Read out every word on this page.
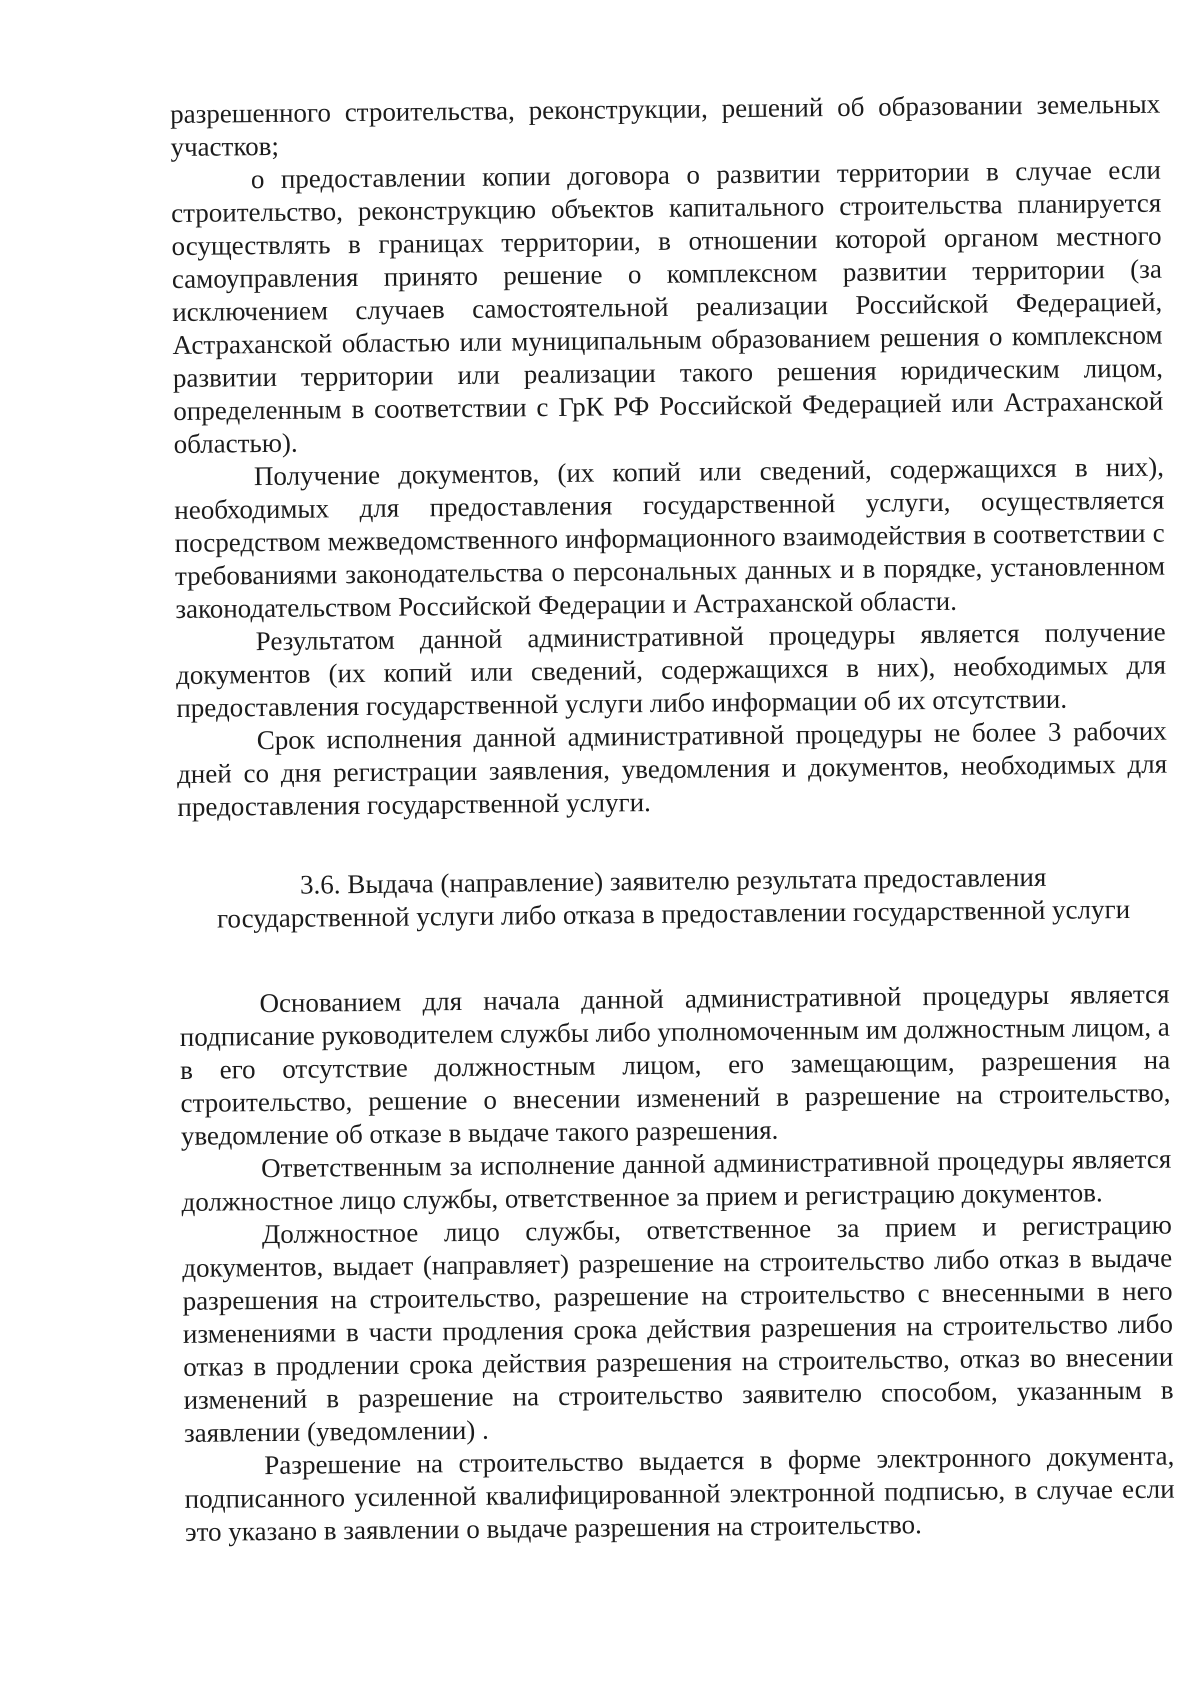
разрешенного строительства, реконструкции, решений об образовании земельных участков;

о предоставлении копии договора о развитии территории в случае если строительство, реконструкцию объектов капитального строительства планируется осуществлять в границах территории, в отношении которой органом местного самоуправления принято решение о комплексном развитии территории (за исключением случаев самостоятельной реализации Российской Федерацией, Астраханской областью или муниципальным образованием решения о комплексном развитии территории или реализации такого решения юридическим лицом, определенным в соответствии с ГрК РФ Российской Федерацией или Астраханской областью).

Получение документов, (их копий или сведений, содержащихся в них), необходимых для предоставления государственной услуги, осуществляется посредством межведомственного информационного взаимодействия в соответствии с требованиями законодательства о персональных данных и в порядке, установленном законодательством Российской Федерации и Астраханской области.

Результатом данной административной процедуры является получение документов (их копий или сведений, содержащихся в них), необходимых для предоставления государственной услуги либо информации об их отсутствии.

Срок исполнения данной административной процедуры не более 3 рабочих дней со дня регистрации заявления, уведомления и документов, необходимых для предоставления государственной услуги.

3.6. Выдача (направление) заявителю результата предоставления
государственной услуги либо отказа в предоставлении государственной услуги

Основанием для начала данной административной процедуры является подписание руководителем службы либо уполномоченным им должностным лицом, а в его отсутствие должностным лицом, его замещающим, разрешения на строительство, решение о внесении изменений в разрешение на строительство, уведомление об отказе в выдаче такого разрешения.

Ответственным за исполнение данной административной процедуры является должностное лицо службы, ответственное за прием и регистрацию документов.

Должностное лицо службы, ответственное за прием и регистрацию документов, выдает (направляет) разрешение на строительство либо отказ в выдаче разрешения на строительство, разрешение на строительство с внесенными в него изменениями в части продления срока действия разрешения на строительство либо отказ в продлении срока действия разрешения на строительство, отказ во внесении изменений в разрешение на строительство заявителю способом, указанным в заявлении (уведомлении) .

Разрешение на строительство выдается в форме электронного документа, подписанного усиленной квалифицированной электронной подписью, в случае если это указано в заявлении о выдаче разрешения на строительство.
